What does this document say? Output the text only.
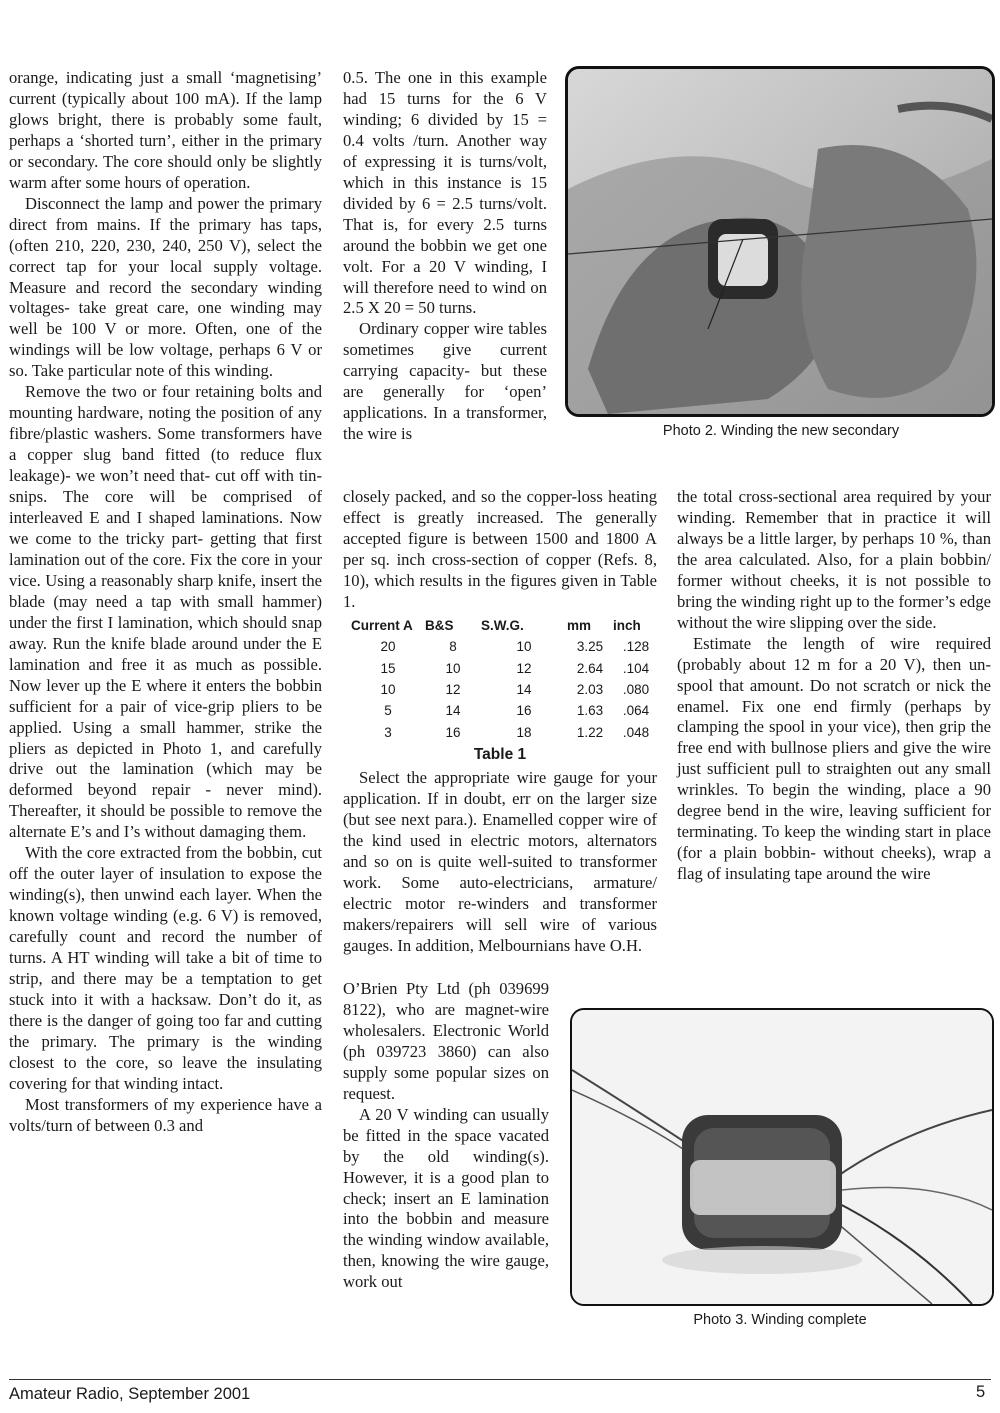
orange, indicating just a small ‘magnetising’ current (typically about 100 mA). If the lamp glows bright, there is probably some fault, perhaps a ‘shorted turn’, either in the primary or secondary. The core should only be slightly warm after some hours of operation.

Disconnect the lamp and power the primary direct from mains. If the primary has taps, (often 210, 220, 230, 240, 250 V), select the correct tap for your local supply voltage. Measure and record the secondary winding voltages- take great care, one winding may well be 100 V or more. Often, one of the windings will be low voltage, perhaps 6 V or so. Take particular note of this winding.

Remove the two or four retaining bolts and mounting hardware, noting the position of any fibre/plastic washers. Some transformers have a copper slug band fitted (to reduce flux leakage)- we won’t need that- cut off with tin-snips. The core will be comprised of interleaved E and I shaped laminations. Now we come to the tricky part- getting that first lamination out of the core. Fix the core in your vice. Using a reasonably sharp knife, insert the blade (may need a tap with small hammer) under the first I lamination, which should snap away. Run the knife blade around under the E lamination and free it as much as possible. Now lever up the E where it enters the bobbin sufficient for a pair of vice-grip pliers to be applied. Using a small hammer, strike the pliers as depicted in Photo 1, and carefully drive out the lamination (which may be deformed beyond repair - never mind). Thereafter, it should be possible to remove the alternate E’s and I’s without damaging them.

With the core extracted from the bobbin, cut off the outer layer of insulation to expose the winding(s), then unwind each layer. When the known voltage winding (e.g. 6 V) is removed, carefully count and record the number of turns. A HT winding will take a bit of time to strip, and there may be a temptation to get stuck into it with a hacksaw. Don’t do it, as there is the danger of going too far and cutting the primary. The primary is the winding closest to the core, so leave the insulating covering for that winding intact.

Most transformers of my experience have a volts/turn of between 0.3 and

0.5. The one in this example had 15 turns for the 6 V winding; 6 divided by 15 = 0.4 volts /turn. Another way of expressing it is turns/volt, which in this instance is 15 divided by 6 = 2.5 turns/volt. That is, for every 2.5 turns around the bobbin we get one volt. For a 20 V winding, I will therefore need to wind on 2.5 X 20 = 50 turns.

Ordinary copper wire tables sometimes give current carrying capacity- but these are generally for ‘open’ applications. In a transformer, the wire is	Photo 2. Winding the new secondary

closely packed, and so the copper-loss heating effect is greatly increased. The generally accepted figure is between 1500 and 1800 A per sq. inch cross-section of copper (Refs. 8, 10), which results in the figures given in Table 1.

Current A	B&S	S.W.G.	mm	inch
20	8	10	3.25	.128
15	10	12	2.64	.104
10	12	14	2.03	.080
5	14	16	1.63	.064
3	16	18	1.22	.048
Table 1

Select the appropriate wire gauge for your application. If in doubt, err on the larger size (but see next para.). Enamelled copper wire of the kind used in electric motors, alternators and so on is quite well-suited to transformer work. Some auto-electricians, armature/ electric motor re-winders and transformer makers/repairers will sell wire of various gauges. In addition, Melbournians have O.H.

O’Brien Pty Ltd (ph 039699 8122), who are magnet-wire wholesalers. Electronic World (ph 039723 3860) can also supply some popular sizes on request.

A 20 V winding can usually be fitted in the space vacated by the old winding(s). However, it is a good plan to check; insert an E lamination into the bobbin and measure the winding window available, then, knowing the wire gauge, work out

the total cross-sectional area required by your winding. Remember that in practice it will always be a little larger, by perhaps 10 %, than the area calculated. Also, for a plain bobbin/ former without cheeks, it is not possible to bring the winding right up to the former’s edge without the wire slipping over the side.

Estimate the length of wire required (probably about 12 m for a 20 V), then un-spool that amount. Do not scratch or nick the enamel. Fix one end firmly (perhaps by clamping the spool in your vice), then grip the free end with bullnose pliers and give the wire just sufficient pull to straighten out any small wrinkles. To begin the winding, place a 90 degree bend in the wire, leaving sufficient for terminating. To keep the winding start in place (for a plain bobbin- without cheeks), wrap a flag of insulating tape around the wire

Photo 3. Winding complete
Amateur Radio, September 2001	5
